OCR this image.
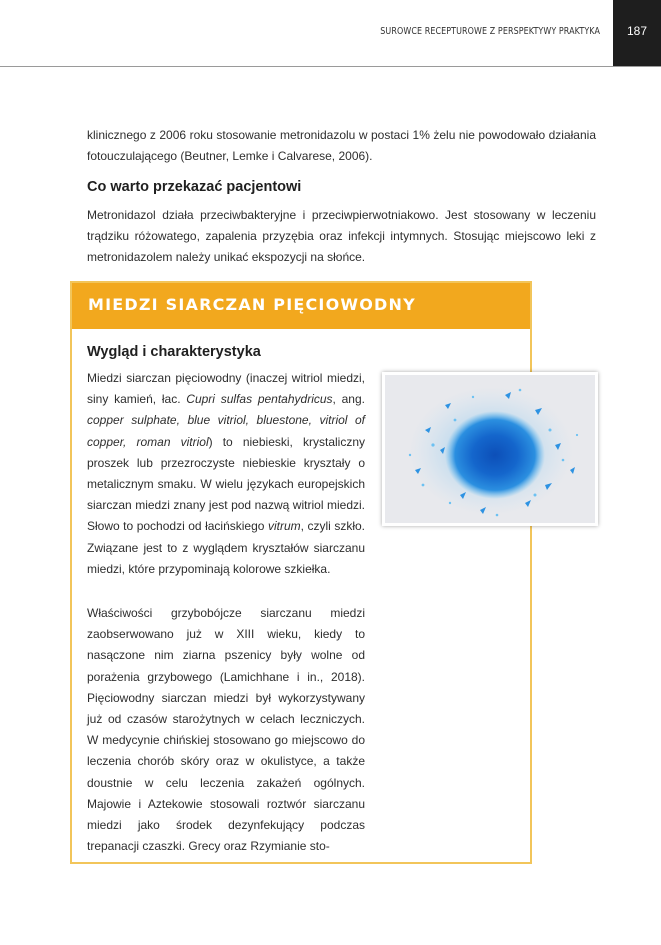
SUROWCE RECEPTUROWE Z PERSPEKTYWY PRAKTYKA	187

klinicznego z 2006 roku stosowanie metronidazolu w postaci 1% żelu nie powodowało działania fotouczulającego (Beutner, Lemke i Calvarese, 2006).

Co warto przekazać pacjentowi

Metronidazol działa przeciwbakteryjne i przeciwpierwotniakowo. Jest stosowany w leczeniu trądziku różowatego, zapalenia przyzębia oraz infekcji intymnych. Stosując miejscowo leki z metronidazolem należy unikać ekspozycji na słońce.

MIEDZI SIARCZAN PIĘCIOWODNY
Wygląd i charakterystyka

Miedzi siarczan pięciowodny (inaczej witriol miedzi, siny kamień, łac. Cupri sulfas pentahydricus, ang. copper sulphate, blue vitriol, bluestone, vitriol of copper, roman vitriol) to niebieski, krystaliczny proszek lub przezroczyste niebieskie kryształy o metalicznym smaku. W wielu językach europejskich siarczan miedzi znany jest pod nazwą witriol miedzi. Słowo to pochodzi od łacińskiego vitrum, czyli szkło. Związane jest to z wyglądem kryształów siarczanu miedzi, które przypominają kolorowe szkiełka.

Właściwości grzybobójcze siarczanu miedzi zaobserwowano już w XIII wieku, kiedy to nasączone nim ziarna pszenicy były wolne od porażenia grzybowego (Lamichhane i in., 2018). Pięciowodny siarczan miedzi był wykorzystywany już od czasów starożytnych w celach leczniczych. W medycynie chińskiej stosowano go miejscowo do leczenia chorób skóry oraz w okulistyce, a także doustnie w celu leczenia zakażeń ogólnych. Majowie i Aztekowie stosowali roztwór siarczanu miedzi jako środek dezynfekujący podczas trepanacji czaszki. Grecy oraz Rzymianie sto-
